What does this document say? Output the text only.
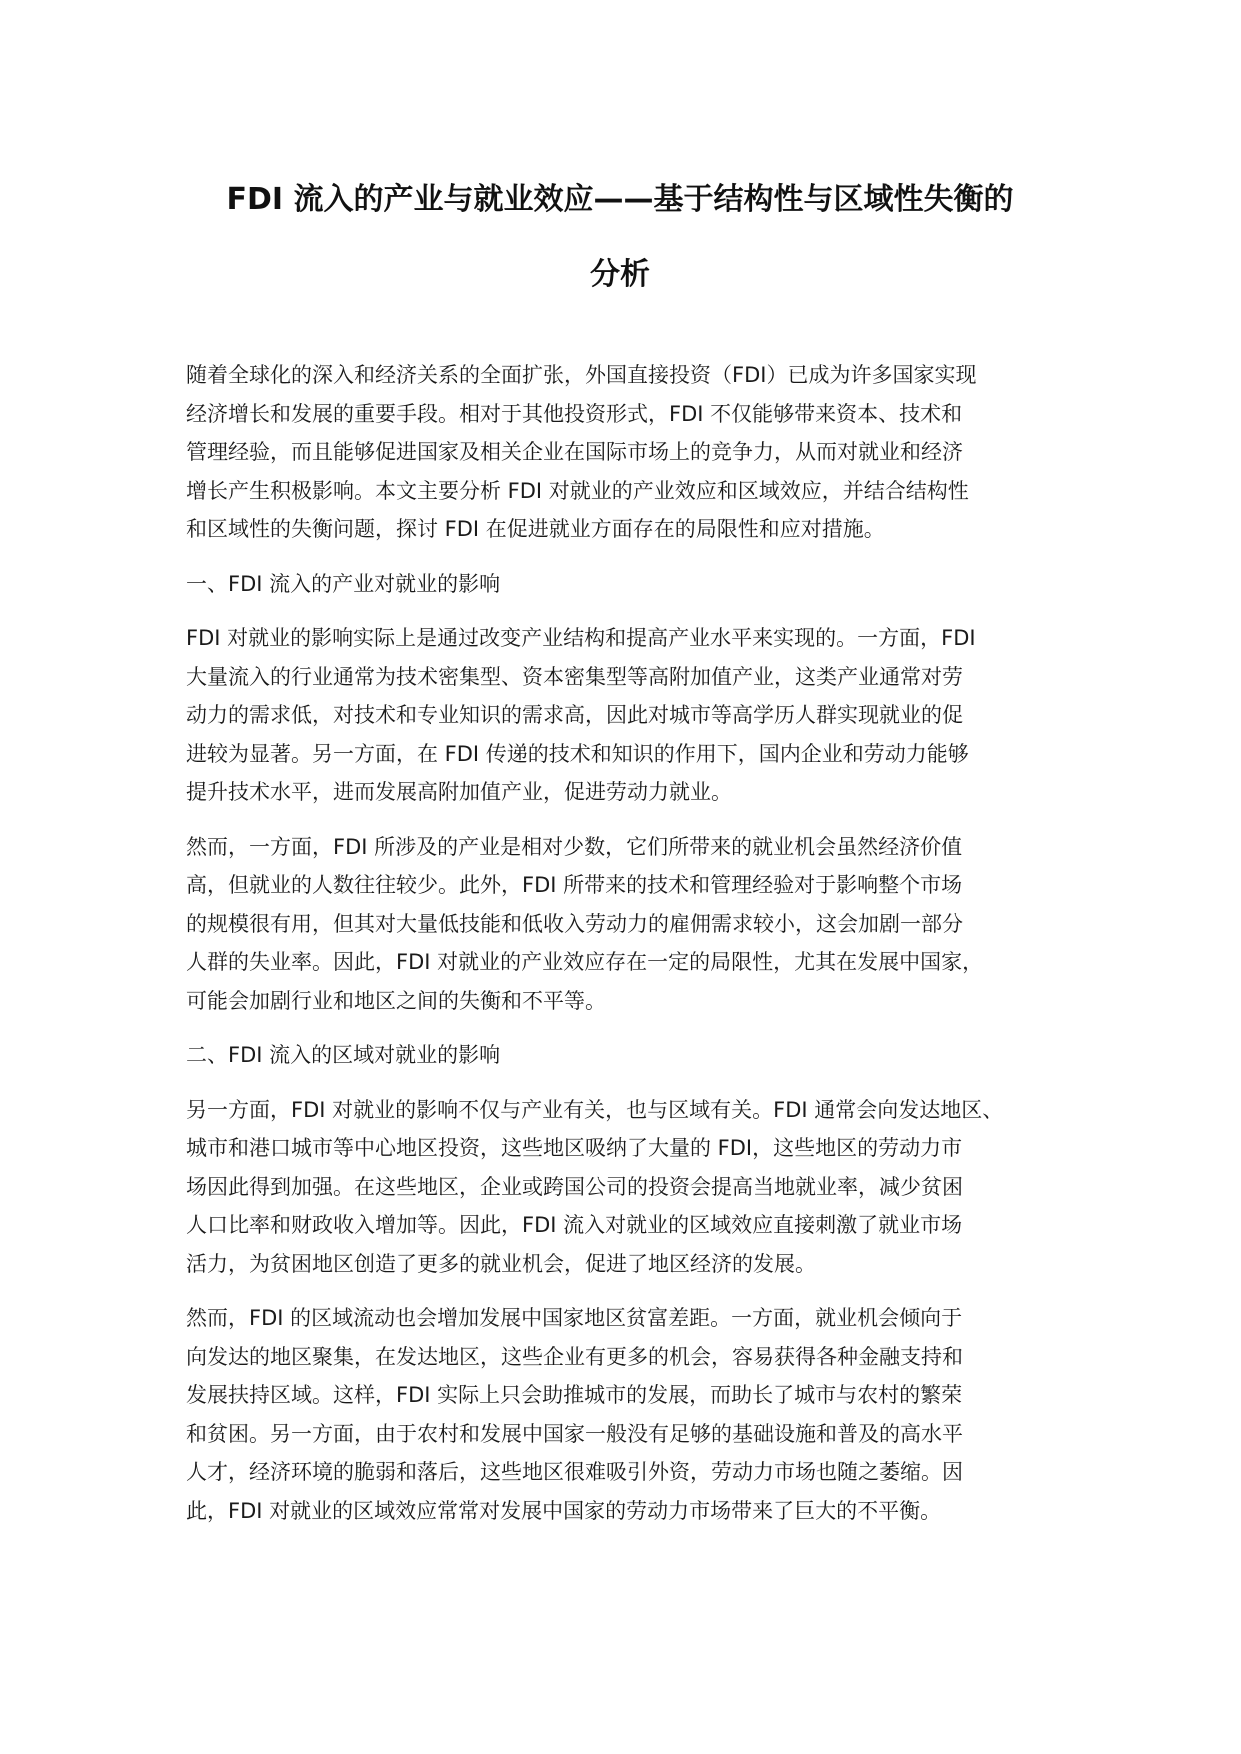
FDI 流入的产业与就业效应——基于结构性与区域性失衡的
分析
随着全球化的深入和经济关系的全面扩张，外国直接投资（FDI）已成为许多国家实现
经济增长和发展的重要手段。相对于其他投资形式，FDI 不仅能够带来资本、技术和
管理经验，而且能够促进国家及相关企业在国际市场上的竞争力，从而对就业和经济
增长产生积极影响。本文主要分析 FDI 对就业的产业效应和区域效应，并结合结构性
和区域性的失衡问题，探讨 FDI 在促进就业方面存在的局限性和应对措施。
一、FDI 流入的产业对就业的影响
FDI 对就业的影响实际上是通过改变产业结构和提高产业水平来实现的。一方面，FDI
大量流入的行业通常为技术密集型、资本密集型等高附加值产业，这类产业通常对劳
动力的需求低，对技术和专业知识的需求高，因此对城市等高学历人群实现就业的促
进较为显著。另一方面，在 FDI 传递的技术和知识的作用下，国内企业和劳动力能够
提升技术水平，进而发展高附加值产业，促进劳动力就业。
然而，一方面，FDI 所涉及的产业是相对少数，它们所带来的就业机会虽然经济价值
高，但就业的人数往往较少。此外，FDI 所带来的技术和管理经验对于影响整个市场
的规模很有用，但其对大量低技能和低收入劳动力的雇佣需求较小，这会加剧一部分
人群的失业率。因此，FDI 对就业的产业效应存在一定的局限性，尤其在发展中国家，
可能会加剧行业和地区之间的失衡和不平等。
二、FDI 流入的区域对就业的影响
另一方面，FDI 对就业的影响不仅与产业有关，也与区域有关。FDI 通常会向发达地区、
城市和港口城市等中心地区投资，这些地区吸纳了大量的 FDI，这些地区的劳动力市
场因此得到加强。在这些地区，企业或跨国公司的投资会提高当地就业率，减少贫困
人口比率和财政收入增加等。因此，FDI 流入对就业的区域效应直接刺激了就业市场
活力，为贫困地区创造了更多的就业机会，促进了地区经济的发展。
然而，FDI 的区域流动也会增加发展中国家地区贫富差距。一方面，就业机会倾向于
向发达的地区聚集，在发达地区，这些企业有更多的机会，容易获得各种金融支持和
发展扶持区域。这样，FDI 实际上只会助推城市的发展，而助长了城市与农村的繁荣
和贫困。另一方面，由于农村和发展中国家一般没有足够的基础设施和普及的高水平
人才，经济环境的脆弱和落后，这些地区很难吸引外资，劳动力市场也随之萎缩。因
此，FDI 对就业的区域效应常常对发展中国家的劳动力市场带来了巨大的不平衡。
